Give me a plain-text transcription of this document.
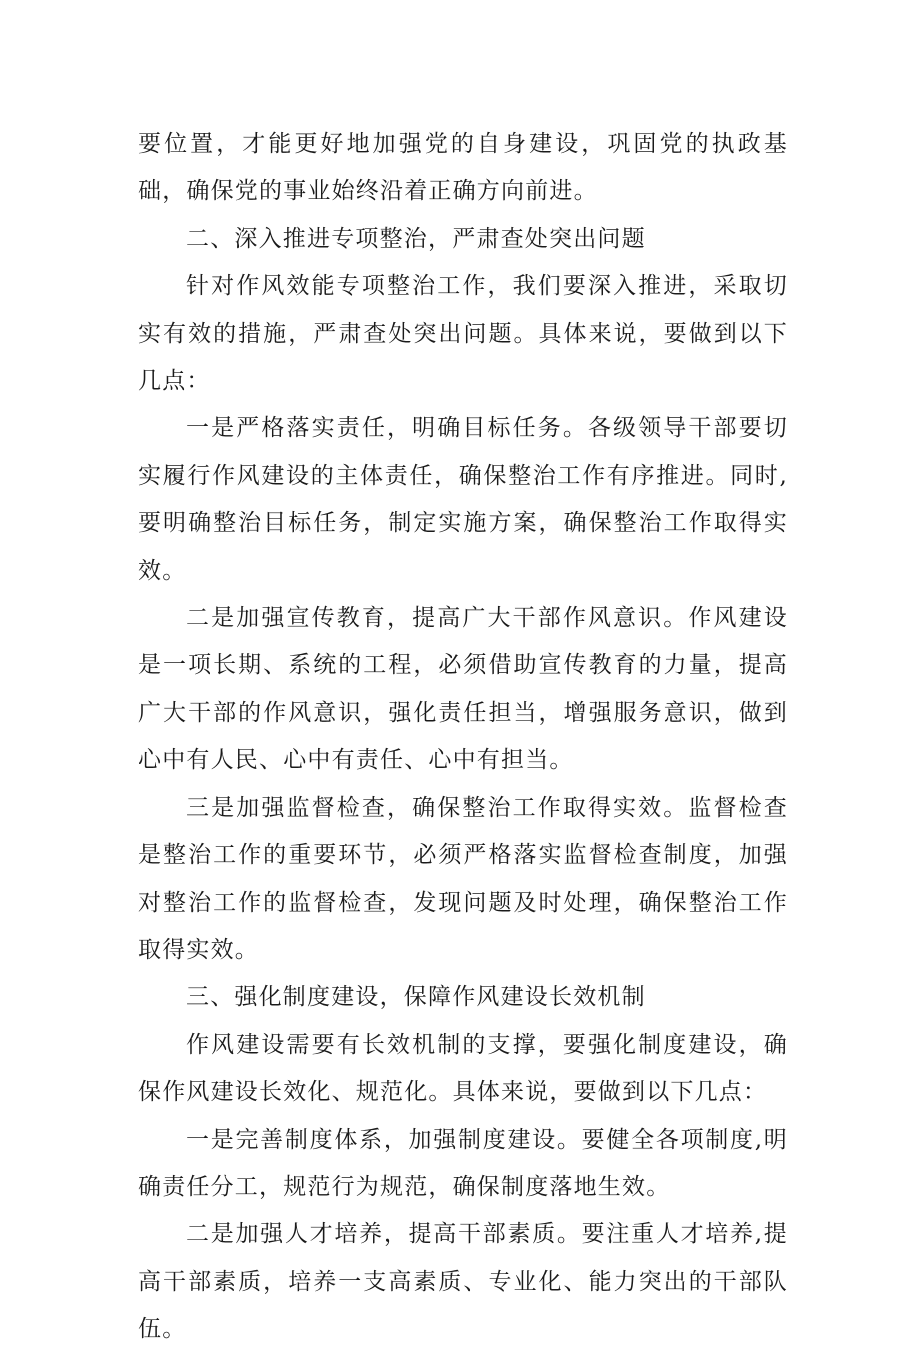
要位置，才能更好地加强党的自身建设，巩固党的执政基础，确保党的事业始终沿着正确方向前进。

二、深入推进专项整治，严肃查处突出问题

针对作风效能专项整治工作，我们要深入推进，采取切实有效的措施，严肃查处突出问题。具体来说，要做到以下几点：

一是严格落实责任，明确目标任务。各级领导干部要切实履行作风建设的主体责任，确保整治工作有序推进。同时,要明确整治目标任务，制定实施方案，确保整治工作取得实效。

二是加强宣传教育，提高广大干部作风意识。作风建设是一项长期、系统的工程，必须借助宣传教育的力量，提高广大干部的作风意识，强化责任担当，增强服务意识，做到心中有人民、心中有责任、心中有担当。

三是加强监督检查，确保整治工作取得实效。监督检查是整治工作的重要环节，必须严格落实监督检查制度，加强对整治工作的监督检查，发现问题及时处理，确保整治工作取得实效。

三、强化制度建设，保障作风建设长效机制

作风建设需要有长效机制的支撑，要强化制度建设，确保作风建设长效化、规范化。具体来说，要做到以下几点：

一是完善制度体系，加强制度建设。要健全各项制度,明确责任分工，规范行为规范，确保制度落地生效。

二是加强人才培养，提高干部素质。要注重人才培养,提高干部素质，培养一支高素质、专业化、能力突出的干部队伍。
